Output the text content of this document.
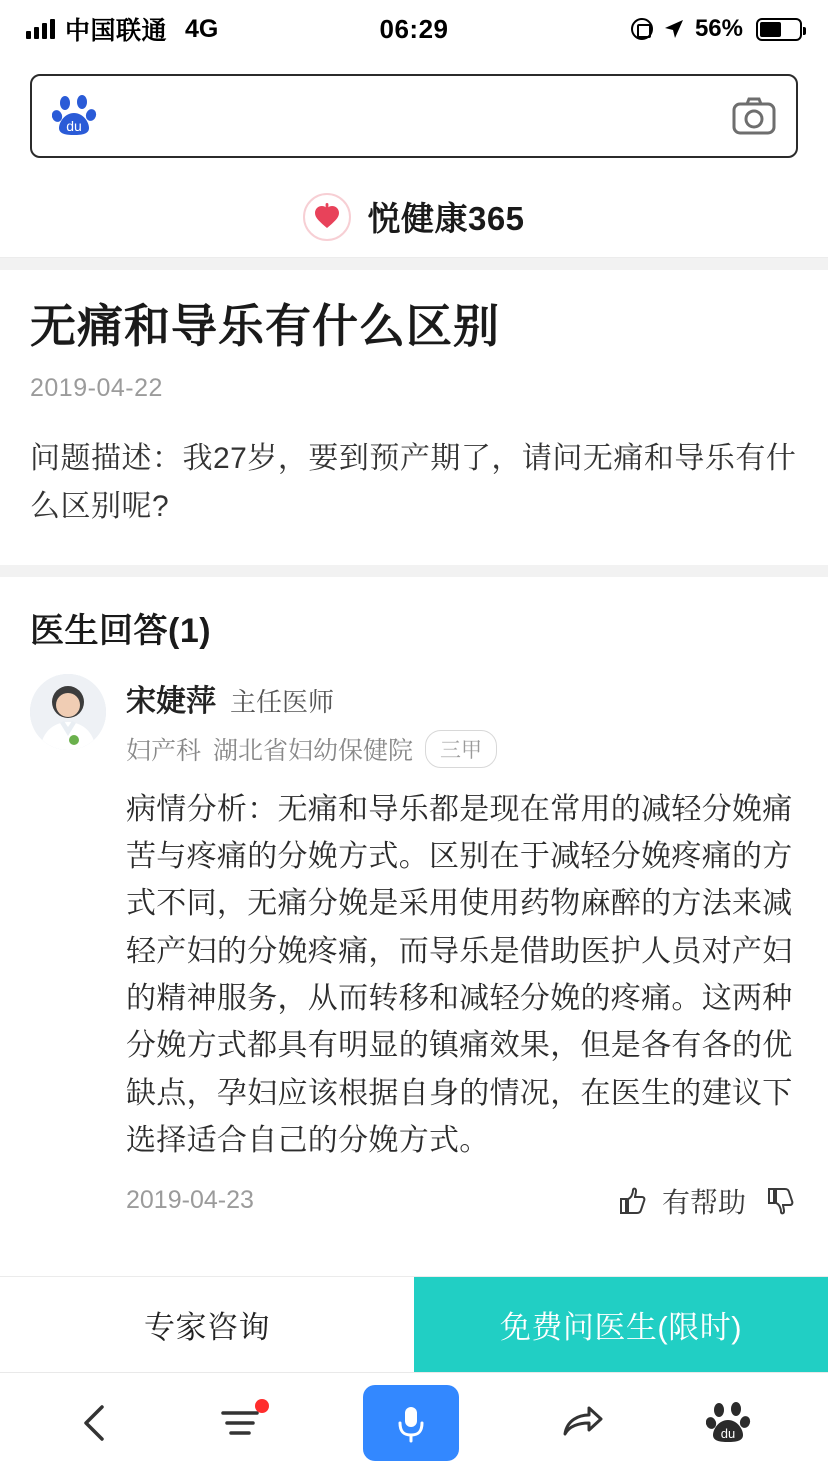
中国联通 4G	06:29	56%
du
悦健康365
无痛和导乐有什么区别
2019-04-22
问题描述：我27岁，要到预产期了，请问无痛和导乐有什么区别呢?
医生回答(1)
宋婕萍 主任医师
妇产科 湖北省妇幼保健院	三甲
病情分析：无痛和导乐都是现在常用的减轻分娩痛苦与疼痛的分娩方式。区别在于减轻分娩疼痛的方式不同，无痛分娩是采用使用药物麻醉的方法来减轻产妇的分娩疼痛，而导乐是借助医护人员对产妇的精神服务，从而转移和减轻分娩的疼痛。这两种分娩方式都具有明显的镇痛效果，但是各有各的优缺点，孕妇应该根据自身的情况，在医生的建议下选择适合自己的分娩方式。
2019-04-23	有帮助
专家咨询	免费问医生(限时)
du
